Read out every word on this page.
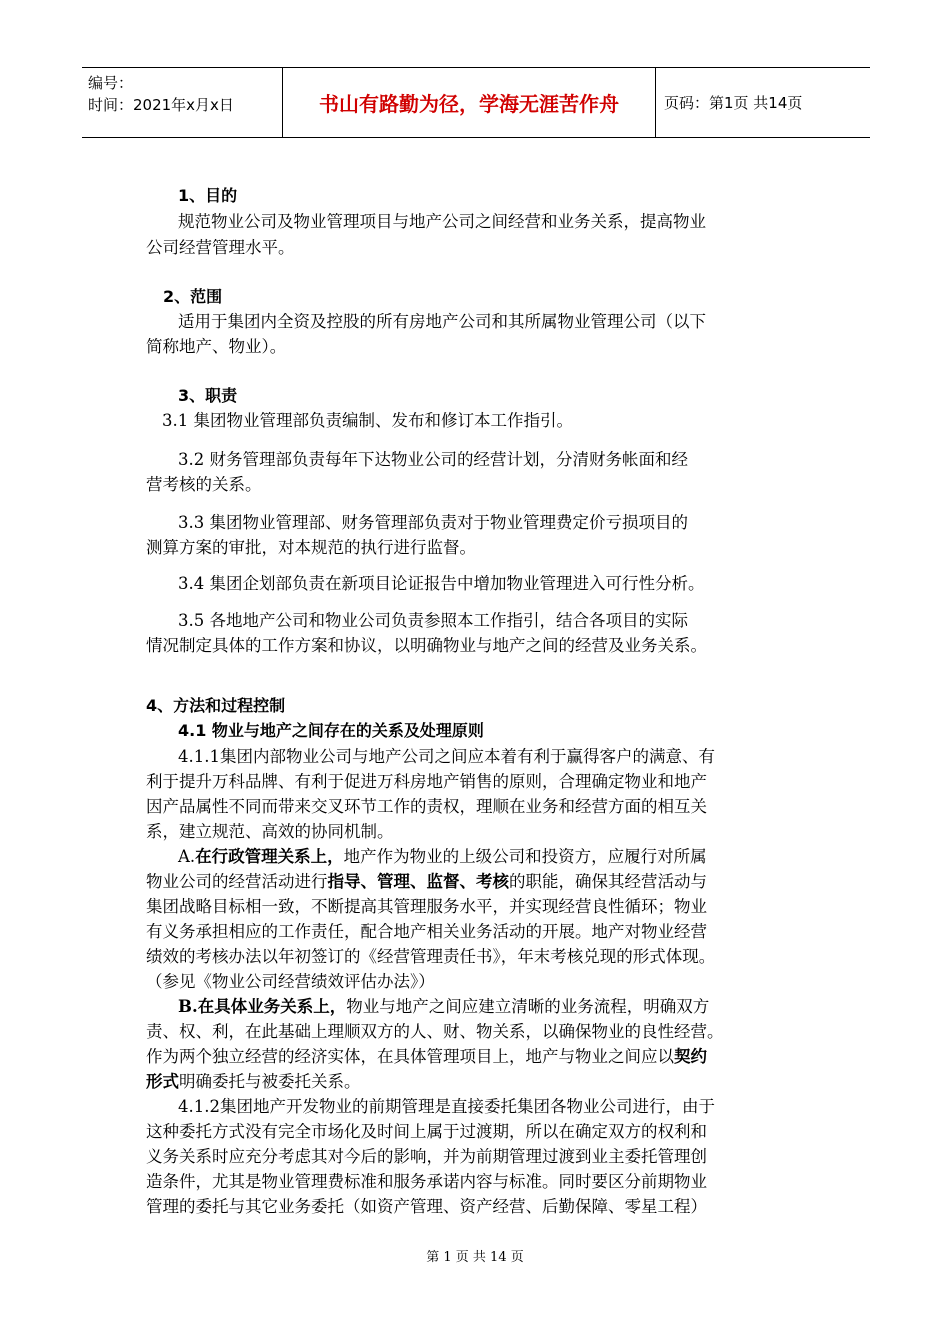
编号：
时间：2021年x月x日	书山有路勤为径，学海无涯苦作舟	页码：第1页 共14页
1、目的
规范物业公司及物业管理项目与地产公司之间经营和业务关系，提高物业
公司经营管理水平。
2、范围
适用于集团内全资及控股的所有房地产公司和其所属物业管理公司（以下
简称地产、物业）。
3、职责
3.1 集团物业管理部负责编制、发布和修订本工作指引。
3.2 财务管理部负责每年下达物业公司的经营计划，分清财务帐面和经
营考核的关系。
3.3 集团物业管理部、财务管理部负责对于物业管理费定价亏损项目的
测算方案的审批，对本规范的执行进行监督。
3.4 集团企划部负责在新项目论证报告中增加物业管理进入可行性分析。
3.5 各地地产公司和物业公司负责参照本工作指引，结合各项目的实际
情况制定具体的工作方案和协议，以明确物业与地产之间的经营及业务关系。
4、方法和过程控制
4.1 物业与地产之间存在的关系及处理原则
4.1.1集团内部物业公司与地产公司之间应本着有利于赢得客户的满意、有
利于提升万科品牌、有利于促进万科房地产销售的原则，合理确定物业和地产
因产品属性不同而带来交叉环节工作的责权，理顺在业务和经营方面的相互关
系，建立规范、高效的协同机制。
A.在行政管理关系上，地产作为物业的上级公司和投资方，应履行对所属
物业公司的经营活动进行指导、管理、监督、考核的职能，确保其经营活动与
集团战略目标相一致，不断提高其管理服务水平，并实现经营良性循环；物业
有义务承担相应的工作责任，配合地产相关业务活动的开展。地产对物业经营
绩效的考核办法以年初签订的《经营管理责任书》，年末考核兑现的形式体现。
（参见《物业公司经营绩效评估办法》）
B.在具体业务关系上，物业与地产之间应建立清晰的业务流程，明确双方
责、权、利，在此基础上理顺双方的人、财、物关系，以确保物业的良性经营。
作为两个独立经营的经济实体，在具体管理项目上，地产与物业之间应以契约
形式明确委托与被委托关系。
4.1.2集团地产开发物业的前期管理是直接委托集团各物业公司进行，由于
这种委托方式没有完全市场化及时间上属于过渡期，所以在确定双方的权利和
义务关系时应充分考虑其对今后的影响，并为前期管理过渡到业主委托管理创
造条件，尤其是物业管理费标准和服务承诺内容与标准。同时要区分前期物业
管理的委托与其它业务委托（如资产管理、资产经营、后勤保障、零星工程）
第 1 页 共 14 页
